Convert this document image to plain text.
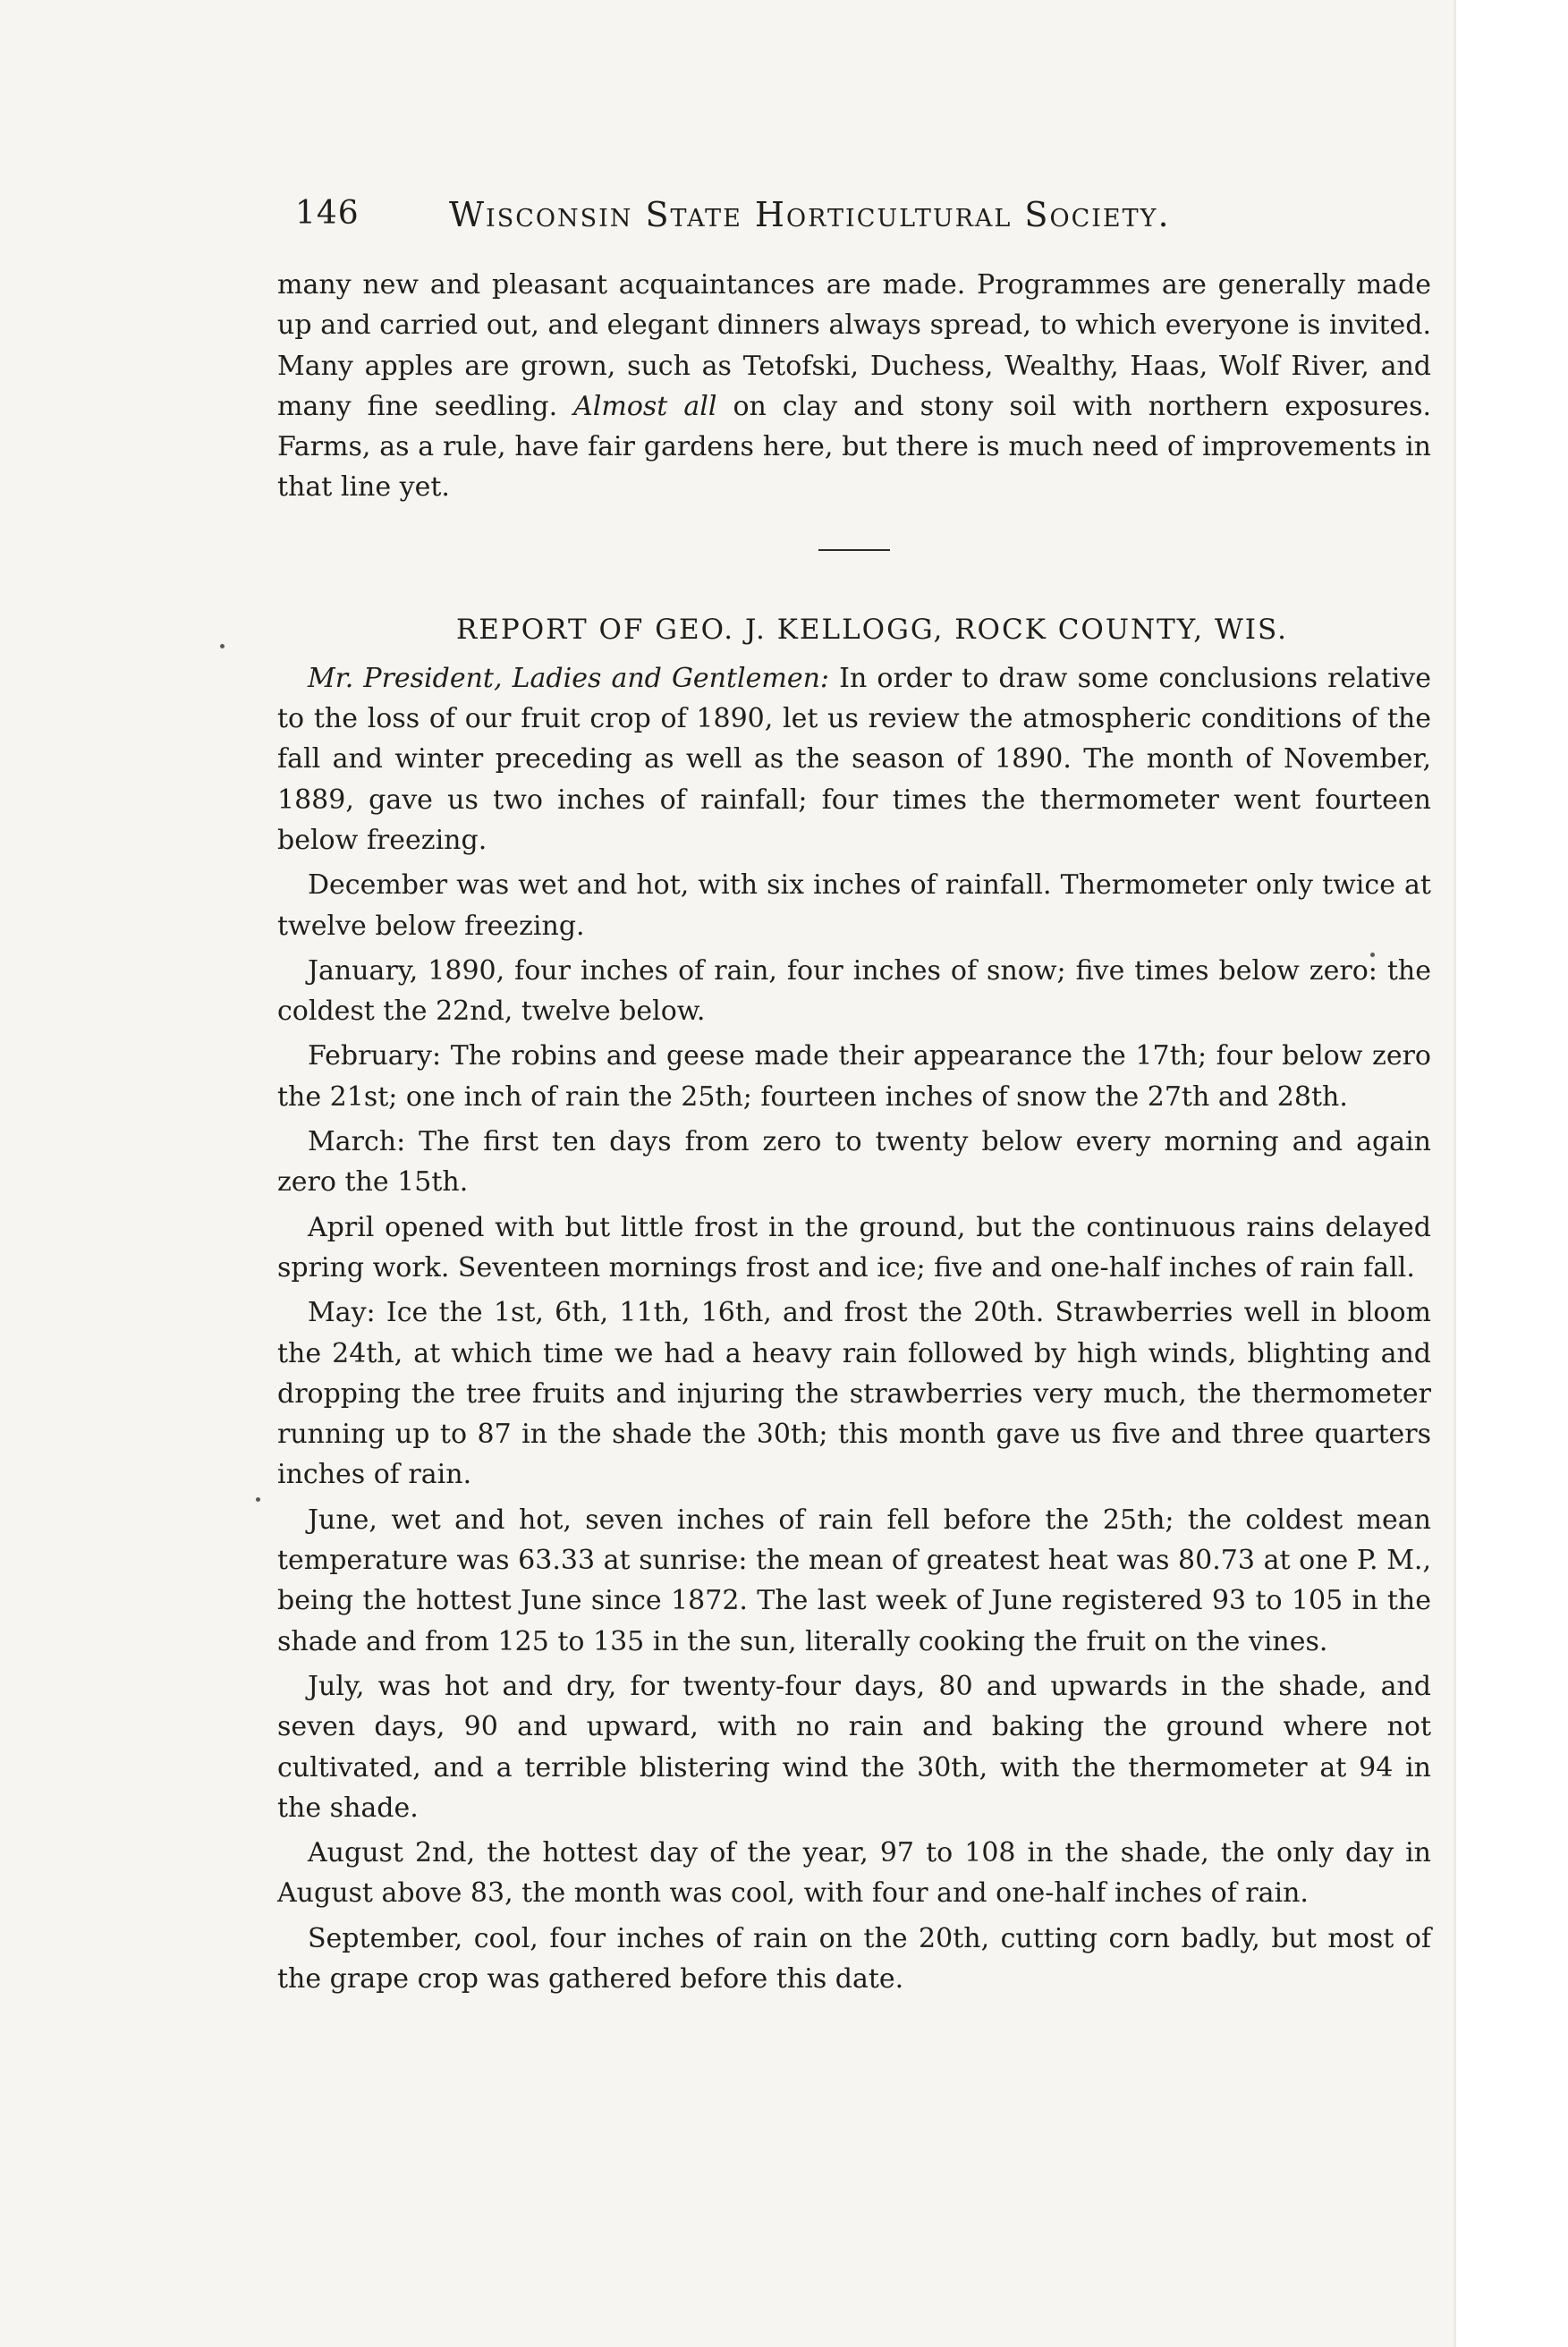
146	Wisconsin State Horticultural Society.

many new and pleasant acquaintances are made. Programmes are generally made up and carried out, and elegant dinners always spread, to which everyone is invited. Many apples are grown, such as Tetofski, Duchess, Wealthy, Haas, Wolf River, and many fine seedling. Almost all on clay and stony soil with northern exposures. Farms, as a rule, have fair gardens here, but there is much need of improvements in that line yet.

REPORT OF GEO. J. KELLOGG, ROCK COUNTY, WIS.

Mr. President, Ladies and Gentlemen: In order to draw some conclusions relative to the loss of our fruit crop of 1890, let us review the atmospheric conditions of the fall and winter preceding as well as the season of 1890. The month of November, 1889, gave us two inches of rainfall; four times the thermometer went fourteen below freezing.

December was wet and hot, with six inches of rainfall. Thermometer only twice at twelve below freezing.

January, 1890, four inches of rain, four inches of snow; five times below zero: the coldest the 22nd, twelve below.

February: The robins and geese made their appearance the 17th; four below zero the 21st; one inch of rain the 25th; fourteen inches of snow the 27th and 28th.

March: The first ten days from zero to twenty below every morning and again zero the 15th.

April opened with but little frost in the ground, but the continuous rains delayed spring work. Seventeen mornings frost and ice; five and one-half inches of rain fall.

May: Ice the 1st, 6th, 11th, 16th, and frost the 20th. Strawberries well in bloom the 24th, at which time we had a heavy rain followed by high winds, blighting and dropping the tree fruits and injuring the strawberries very much, the thermometer running up to 87 in the shade the 30th; this month gave us five and three quarters inches of rain.

June, wet and hot, seven inches of rain fell before the 25th; the coldest mean temperature was 63.33 at sunrise: the mean of greatest heat was 80.73 at one P. M., being the hottest June since 1872. The last week of June registered 93 to 105 in the shade and from 125 to 135 in the sun, literally cooking the fruit on the vines.

July, was hot and dry, for twenty-four days, 80 and upwards in the shade, and seven days, 90 and upward, with no rain and baking the ground where not cultivated, and a terrible blistering wind the 30th, with the thermometer at 94 in the shade.

August 2nd, the hottest day of the year, 97 to 108 in the shade, the only day in August above 83, the month was cool, with four and one-half inches of rain.

September, cool, four inches of rain on the 20th, cutting corn badly, but most of the grape crop was gathered before this date.
